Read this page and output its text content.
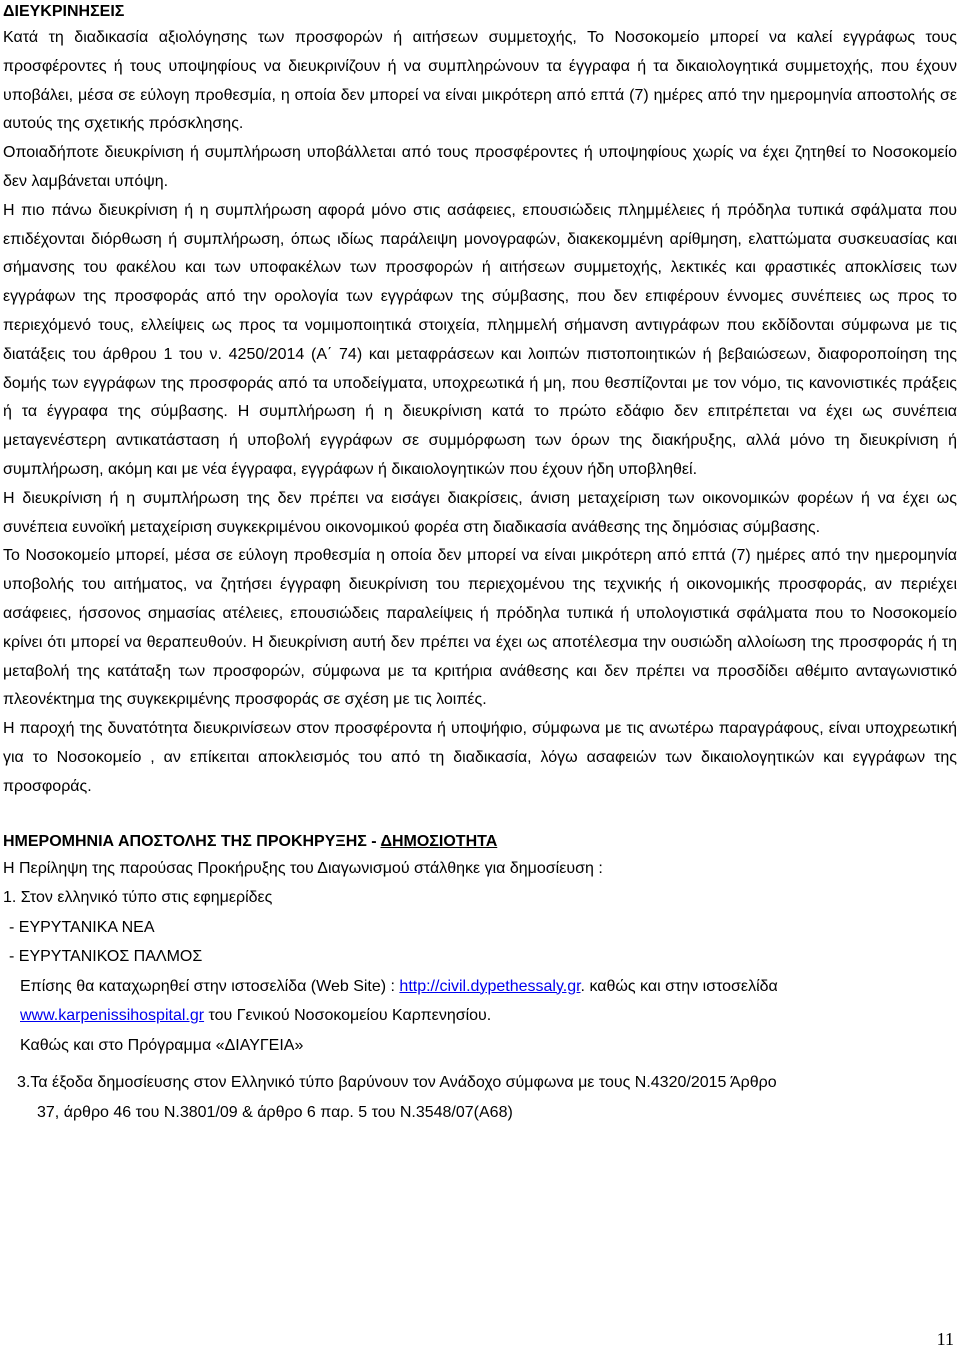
ΔΙΕΥΚΡΙΝΗΣΕΙΣ

Κατά τη διαδικασία αξιολόγησης των προσφορών ή αιτήσεων συμμετοχής, Το Νοσοκομείο μπορεί να καλεί εγγράφως τους προσφέροντες ή τους υποψηφίους να διευκρινίζουν ή να συμπληρώνουν τα έγγραφα ή τα δικαιολογητικά συμμετοχής, που έχουν υποβάλει, μέσα σε εύλογη προθεσμία, η οποία δεν μπορεί να είναι μικρότερη από επτά (7) ημέρες από την ημερομηνία αποστολής σε αυτούς της σχετικής πρόσκλησης.

Οποιαδήποτε διευκρίνιση ή συμπλήρωση υποβάλλεται από τους προσφέροντες ή υποψηφίους χωρίς να έχει ζητηθεί το Νοσοκομείο δεν λαμβάνεται υπόψη.

Η πιο πάνω διευκρίνιση ή η συμπλήρωση αφορά μόνο στις ασάφειες, επουσιώδεις πλημμέλειες ή πρόδηλα τυπικά σφάλματα που επιδέχονται διόρθωση ή συμπλήρωση, όπως ιδίως παράλειψη μονογραφών, διακεκομμένη αρίθμηση, ελαττώματα συσκευασίας και σήμανσης του φακέλου και των υποφακέλων των προσφορών ή αιτήσεων συμμετοχής, λεκτικές και φραστικές αποκλίσεις των εγγράφων της προσφοράς από την ορολογία των εγγράφων της σύμβασης, που δεν επιφέρουν έννομες συνέπειες ως προς το περιεχόμενό τους, ελλείψεις ως προς τα νομιμοποιητικά στοιχεία, πλημμελή σήμανση αντιγράφων που εκδίδονται σύμφωνα με τις διατάξεις του άρθρου 1 του ν. 4250/2014 (Α΄ 74) και μεταφράσεων και λοιπών πιστοποιητικών ή βεβαιώσεων, διαφοροποίηση της δομής των εγγράφων της προσφοράς από τα υποδείγματα, υποχρεωτικά ή μη, που θεσπίζονται με τον νόμο, τις κανονιστικές πράξεις ή τα έγγραφα της σύμβασης. Η συμπλήρωση ή η διευκρίνιση κατά το πρώτο εδάφιο δεν επιτρέπεται να έχει ως συνέπεια μεταγενέστερη αντικατάσταση ή υποβολή εγγράφων σε συμμόρφωση των όρων της διακήρυξης, αλλά μόνο τη διευκρίνιση ή συμπλήρωση, ακόμη και με νέα έγγραφα, εγγράφων ή δικαιολογητικών που έχουν ήδη υποβληθεί.

Η διευκρίνιση ή η συμπλήρωση της δεν πρέπει να εισάγει διακρίσεις, άνιση μεταχείριση των οικονομικών φορέων ή να έχει ως συνέπεια ευνοϊκή μεταχείριση συγκεκριμένου οικονομικού φορέα στη διαδικασία ανάθεσης της δημόσιας σύμβασης.

Το Νοσοκομείο μπορεί, μέσα σε εύλογη προθεσμία η οποία δεν μπορεί να είναι μικρότερη από επτά (7) ημέρες από την ημερομηνία υποβολής του αιτήματος, να ζητήσει έγγραφη διευκρίνιση του περιεχομένου της τεχνικής ή οικονομικής προσφοράς, αν περιέχει ασάφειες, ήσσονος σημασίας ατέλειες, επουσιώδεις παραλείψεις ή πρόδηλα τυπικά ή υπολογιστικά σφάλματα που το Νοσοκομείο κρίνει ότι μπορεί να θεραπευθούν. Η διευκρίνιση αυτή δεν πρέπει να έχει ως αποτέλεσμα την ουσιώδη αλλοίωση της προσφοράς ή τη μεταβολή της κατάταξη των προσφορών, σύμφωνα με τα κριτήρια ανάθεσης και δεν πρέπει να προσδίδει αθέμιτο ανταγωνιστικό πλεονέκτημα της συγκεκριμένης προσφοράς σε σχέση με τις λοιπές.

Η παροχή της δυνατότητα διευκρινίσεων στον προσφέροντα ή υποψήφιο, σύμφωνα με τις ανωτέρω παραγράφους, είναι υποχρεωτική για το Νοσοκομείο , αν επίκειται αποκλεισμός του από τη διαδικασία, λόγω ασαφειών των δικαιολογητικών και εγγράφων της προσφοράς.

ΗΜΕΡΟΜΗΝΙΑ ΑΠΟΣΤΟΛΗΣ ΤΗΣ ΠΡΟΚΗΡΥΞΗΣ - ΔΗΜΟΣΙΟΤΗΤΑ

Η Περίληψη της παρούσας Προκήρυξης του Διαγωνισμού στάλθηκε για δημοσίευση :

1. Στον ελληνικό τύπο στις εφημερίδες

- ΕΥΡΥΤΑΝΙΚΑ ΝΕΑ

- ΕΥΡΥΤΑΝΙΚΟΣ ΠΑΛΜΟΣ

Επίσης θα καταχωρηθεί στην ιστοσελίδα (Web Site) : http://civil.dypethessaly.gr. καθώς και στην ιστοσελίδα
www.karpenissihospital.gr του Γενικού Νοσοκομείου Καρπενησίου.

Καθώς και στο Πρόγραμμα «ΔΙΑΥΓΕΙΑ»

3.Τα έξοδα δημοσίευσης στον Ελληνικό τύπο βαρύνουν τον Ανάδοχο σύμφωνα με τους Ν.4320/2015 Άρθρο
37, άρθρο 46 του Ν.3801/09 & άρθρο 6 παρ. 5 του Ν.3548/07(Α68)

11
